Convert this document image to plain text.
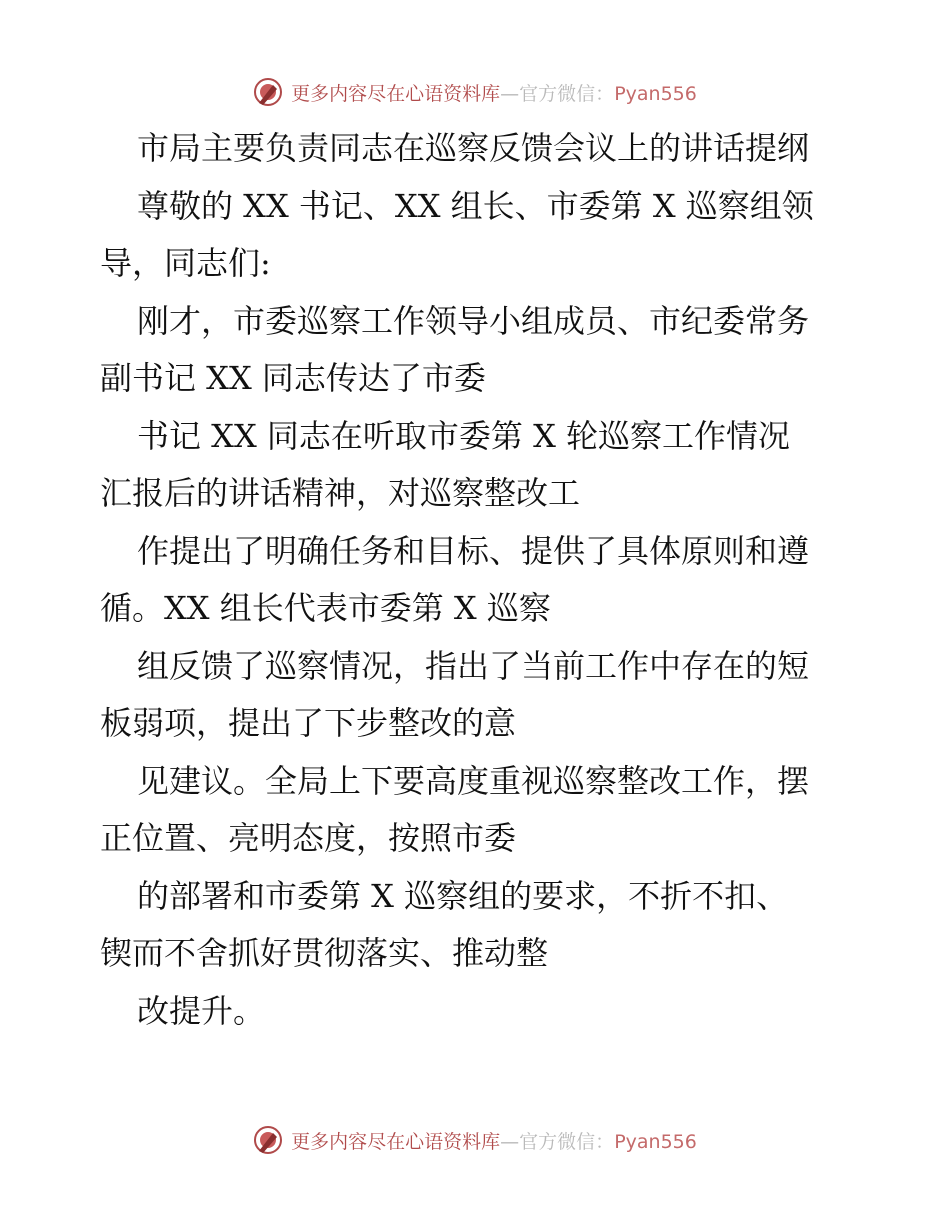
更多内容尽在心语资料库—官方微信：Pyan556
市局主要负责同志在巡察反馈会议上的讲话提纲
尊敬的 XX 书记、XX 组长、市委第 X 巡察组领
导，同志们:
刚才，市委巡察工作领导小组成员、市纪委常务
副书记 XX 同志传达了市委
书记 XX 同志在听取市委第 X 轮巡察工作情况
汇报后的讲话精神，对巡察整改工
作提出了明确任务和目标、提供了具体原则和遵
循。XX 组长代表市委第 X 巡察
组反馈了巡察情况，指出了当前工作中存在的短
板弱项，提出了下步整改的意
见建议。全局上下要高度重视巡察整改工作，摆
正位置、亮明态度，按照市委
的部署和市委第 X 巡察组的要求，不折不扣、
锲而不舍抓好贯彻落实、推动整
改提升。
更多内容尽在心语资料库—官方微信：Pyan556
